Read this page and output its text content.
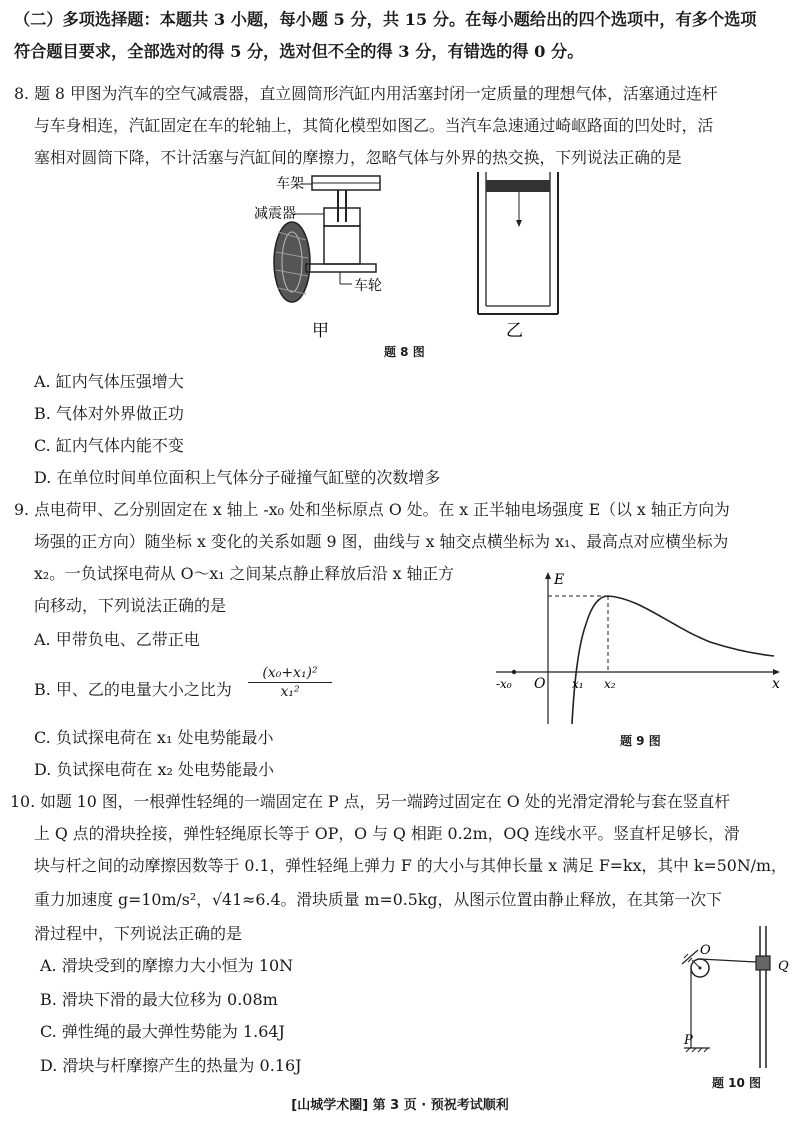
（二）多项选择题：本题共 3 小题，每小题 5 分，共 15 分。在每小题给出的四个选项中，有多个选项
符合题目要求，全部选对的得 5 分，选对但不全的得 3 分，有错选的得 0 分。
8. 题 8 甲图为汽车的空气减震器，直立圆筒形汽缸内用活塞封闭一定质量的理想气体，活塞通过连杆
与车身相连，汽缸固定在车的轮轴上，其简化模型如图乙。当汽车急速通过崎岖路面的凹处时，活
塞相对圆筒下降，不计活塞与汽缸间的摩擦力，忽略气体与外界的热交换，下列说法正确的是
车架
减震器
车轮
甲	乙
题 8 图
A. 缸内气体压强增大
B. 气体对外界做正功
C. 缸内气体内能不变
D. 在单位时间单位面积上气体分子碰撞气缸壁的次数增多
9. 点电荷甲、乙分别固定在 x 轴上 -x₀ 处和坐标原点 O 处。在 x 正半轴电场强度 E（以 x 轴正方向为
场强的正方向）随坐标 x 变化的关系如题 9 图，曲线与 x 轴交点横坐标为 x₁、最高点对应横坐标为
x₂。一负试探电荷从 O～x₁ 之间某点静止释放后沿 x 轴正方
向移动，下列说法正确的是
A. 甲带负电、乙带正电
B. 甲、乙的电量大小之比为 $\frac{\text{(x₀+x₁)²}}{\text{x₁²}}$
C. 负试探电荷在 x₁ 处电势能最小
D. 负试探电荷在 x₂ 处电势能最小
E
x
O
-x₀	x₁ x₂
题 9 图
10. 如题 10 图，一根弹性轻绳的一端固定在 P 点，另一端跨过固定在 O 处的光滑定滑轮与套在竖直杆
上 Q 点的滑块拴接，弹性轻绳原长等于 OP，O 与 Q 相距 0.2m，OQ 连线水平。竖直杆足够长，滑
块与杆之间的动摩擦因数等于 0.1，弹性轻绳上弹力 F 的大小与其伸长量 x 满足 F=kx，其中 k=50N/m，
重力加速度 g=10m/s²，√41≈6.4。滑块质量 m=0.5kg，从图示位置由静止释放，在其第一次下
滑过程中，下列说法正确的是
A. 滑块受到的摩擦力大小恒为 10N
B. 滑块下滑的最大位移为 0.08m
C. 弹性绳的最大弹性势能为 1.64J
D. 滑块与杆摩擦产生的热量为 0.16J
O
Q
P
题 10 图
[山城学术圈] 第 3 页 · 预祝考试顺利
